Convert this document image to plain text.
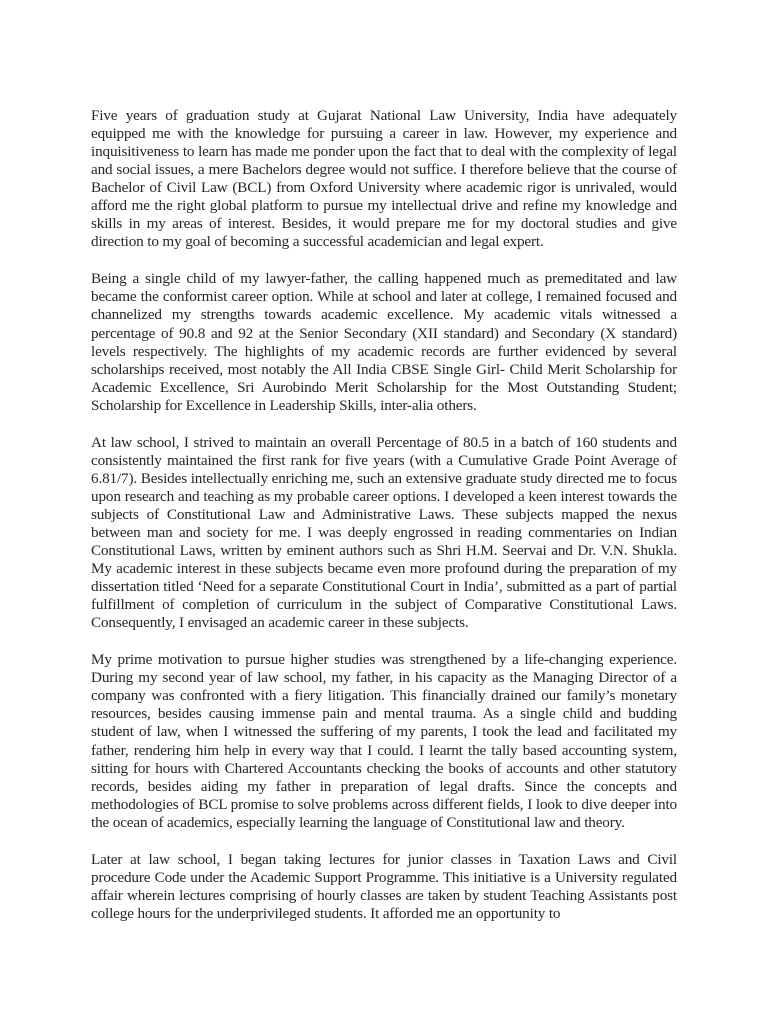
Five years of graduation study at Gujarat National Law University, India have adequately equipped me with the knowledge for pursuing a career in law. However, my experience and inquisitiveness to learn has made me ponder upon the fact that to deal with the complexity of legal and social issues, a mere Bachelors degree would not suffice. I therefore believe that the course of Bachelor of Civil Law (BCL) from Oxford University where academic rigor is unrivaled, would afford me the right global platform to pursue my intellectual drive and refine my knowledge and skills in my areas of interest. Besides, it would prepare me for my doctoral studies and give direction to my goal of becoming a successful academician and legal expert.

Being a single child of my lawyer-father, the calling happened much as premeditated and law became the conformist career option. While at school and later at college, I remained focused and channelized my strengths towards academic excellence. My academic vitals witnessed a percentage of 90.8 and 92 at the Senior Secondary (XII standard) and Secondary (X standard) levels respectively. The highlights of my academic records are further evidenced by several scholarships received, most notably the All India CBSE Single Girl- Child Merit Scholarship for Academic Excellence, Sri Aurobindo Merit Scholarship for the Most Outstanding Student; Scholarship for Excellence in Leadership Skills, inter-alia others.

At law school, I strived to maintain an overall Percentage of 80.5 in a batch of 160 students and consistently maintained the first rank for five years (with a Cumulative Grade Point Average of 6.81/7). Besides intellectually enriching me, such an extensive graduate study directed me to focus upon research and teaching as my probable career options. I developed a keen interest towards the subjects of Constitutional Law and Administrative Laws. These subjects mapped the nexus between man and society for me. I was deeply engrossed in reading commentaries on Indian Constitutional Laws, written by eminent authors such as Shri H.M. Seervai and Dr. V.N. Shukla. My academic interest in these subjects became even more profound during the preparation of my dissertation titled ‘Need for a separate Constitutional Court in India’, submitted as a part of partial fulfillment of completion of curriculum in the subject of Comparative Constitutional Laws. Consequently, I envisaged an academic career in these subjects.

My prime motivation to pursue higher studies was strengthened by a life-changing experience. During my second year of law school, my father, in his capacity as the Managing Director of a company was confronted with a fiery litigation. This financially drained our family’s monetary resources, besides causing immense pain and mental trauma. As a single child and budding student of law, when I witnessed the suffering of my parents, I took the lead and facilitated my father, rendering him help in every way that I could. I learnt the tally based accounting system, sitting for hours with Chartered Accountants checking the books of accounts and other statutory records, besides aiding my father in preparation of legal drafts. Since the concepts and methodologies of BCL promise to solve problems across different fields, I look to dive deeper into the ocean of academics, especially learning the language of Constitutional law and theory.

Later at law school, I began taking lectures for junior classes in Taxation Laws and Civil procedure Code under the Academic Support Programme. This initiative is a University regulated affair wherein lectures comprising of hourly classes are taken by student Teaching Assistants post college hours for the underprivileged students. It afforded me an opportunity to
